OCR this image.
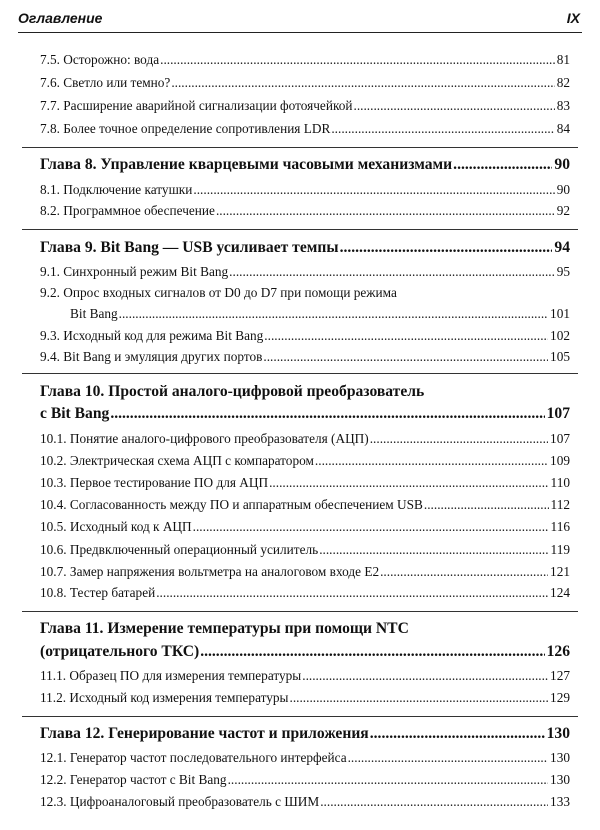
Оглавление	IX
7.5. Осторожно: вода .....	81
7.6. Светло или темно? .....	82
7.7. Расширение аварийной сигнализации фотоячейкой .....	83
7.8. Более точное определение сопротивления LDR .....	84
Глава 8. Управление кварцевыми часовыми механизмами .....	90
8.1. Подключение катушки .....	90
8.2. Программное обеспечение .....	92
Глава 9. Bit Bang — USB усиливает темпы .....	94
9.1. Синхронный режим Bit Bang .....	95
9.2. Опрос входных сигналов от D0 до D7 при помощи режима
Bit Bang .....	101
9.3. Исходный код для режима Bit Bang .....	102
9.4. Bit Bang и эмуляция других портов .....	105
Глава 10. Простой аналого-цифровой преобразователь
с Bit Bang .....	107
10.1. Понятие аналого-цифрового преобразователя (АЦП) .....	107
10.2. Электрическая схема АЦП с компаратором .....	109
10.3. Первое тестирование ПО для АЦП .....	110
10.4. Согласованность между ПО и аппаратным обеспечением USB .....	112
10.5. Исходный код к АЦП .....	116
10.6. Предвключенный операционный усилитель .....	119
10.7. Замер напряжения вольтметра на аналоговом входе E2 .....	121
10.8. Тестер батарей .....	124
Глава 11. Измерение температуры при помощи NTC
(отрицательного ТКС) .....	126
11.1. Образец ПО для измерения температуры .....	127
11.2. Исходный код измерения температуры .....	129
Глава 12. Генерирование частот и приложения .....	130
12.1. Генератор частот последовательного интерфейса .....	130
12.2. Генератор частот с Bit Bang .....	130
12.3. Цифроаналоговый преобразователь с ШИМ .....	133
